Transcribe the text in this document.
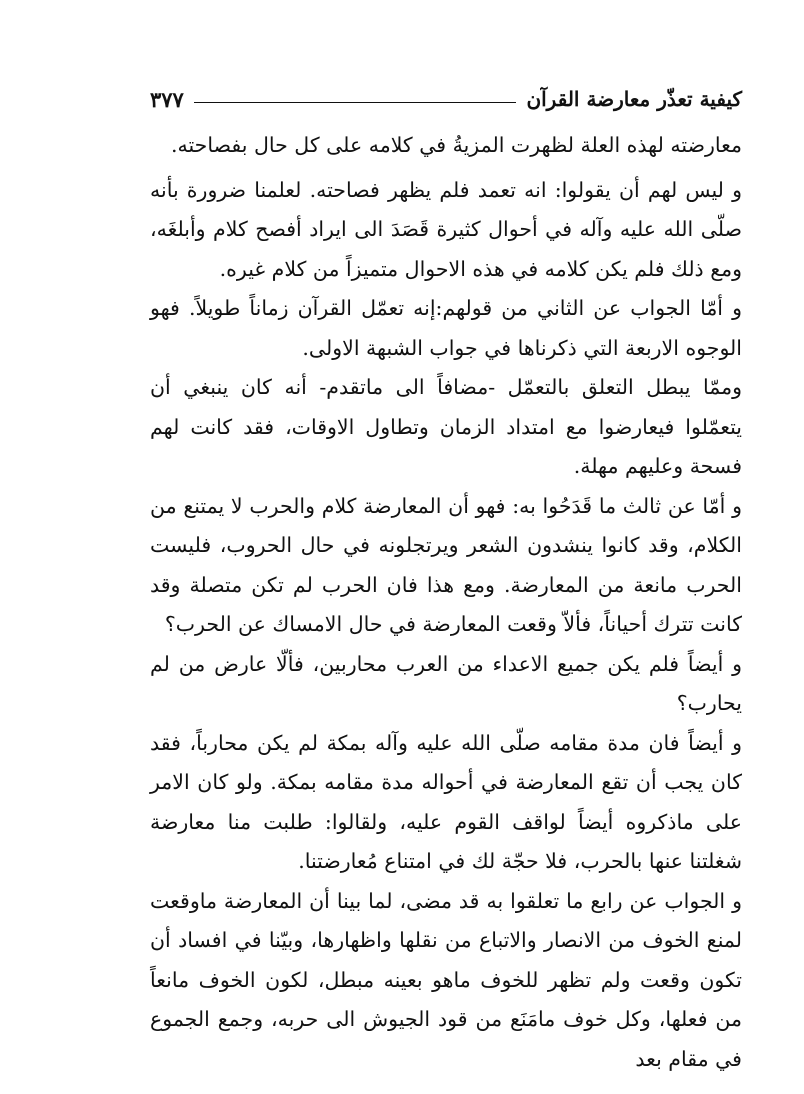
كيفية تعذّر معارضة القرآن
٣٧٧

معارضته لهذه العلة لظهرت المزيةُ في كلامه على كل حال بفصاحته.

و ليس لهم أن يقولوا: انه تعمد فلم يظهر فصاحته. لعلمنا ضرورة بأنه صلّى الله عليه وآله في أحوال كثيرة قَصَدَ الى ايراد أفصح كلام وأبلغَه، ومع ذلك فلم يكن كلامه في هذه الاحوال متميزاً من كلام غيره.

و أمّا الجواب عن الثاني من قولهم:إنه تعمّل القرآن زماناً طويلاً. فهو الوجوه الاربعة التي ذكرناها في جواب الشبهة الاولى.

وممّا يبطل التعلق بالتعمّل -مضافاً الى ماتقدم- أنه كان ينبغي أن يتعمّلوا فيعارضوا مع امتداد الزمان وتطاول الاوقات، فقد كانت لهم فسحة وعليهم مهلة.

و أمّا عن ثالث ما قَدَحُوا به: فهو أن المعارضة كلام والحرب لا يمتنع من الكلام، وقد كانوا ينشدون الشعر ويرتجلونه في حال الحروب، فليست الحرب مانعة من المعارضة. ومع هذا فان الحرب لم تكن متصلة وقد كانت تترك أحياناً، فألاّ وقعت المعارضة في حال الامساك عن الحرب؟

و أيضاً فلم يكن جميع الاعداء من العرب محاربين، فألّا عارض من لم يحارب؟

و أيضاً فان مدة مقامه صلّى الله عليه وآله بمكة لم يكن محارباً، فقد كان يجب أن تقع المعارضة في أحواله مدة مقامه بمكة. ولو كان الامر على ماذكروه أيضاً لواقف القوم عليه، ولقالوا: طلبت منا معارضة شغلتنا عنها بالحرب، فلا حجّة لك في امتناع مُعارضتنا.

و الجواب عن رابع ما تعلقوا به قد مضى، لما بينا أن المعارضة ماوقعت لمنع الخوف من الانصار والاتباع من نقلها واظهارها، وبيّنا في افساد أن تكون وقعت ولم تظهر للخوف ماهو بعينه مبطل، لكون الخوف مانعاً من فعلها، وكل خوف مامَنَع من قود الجيوش الى حربه، وجمع الجموع في مقام بعد
